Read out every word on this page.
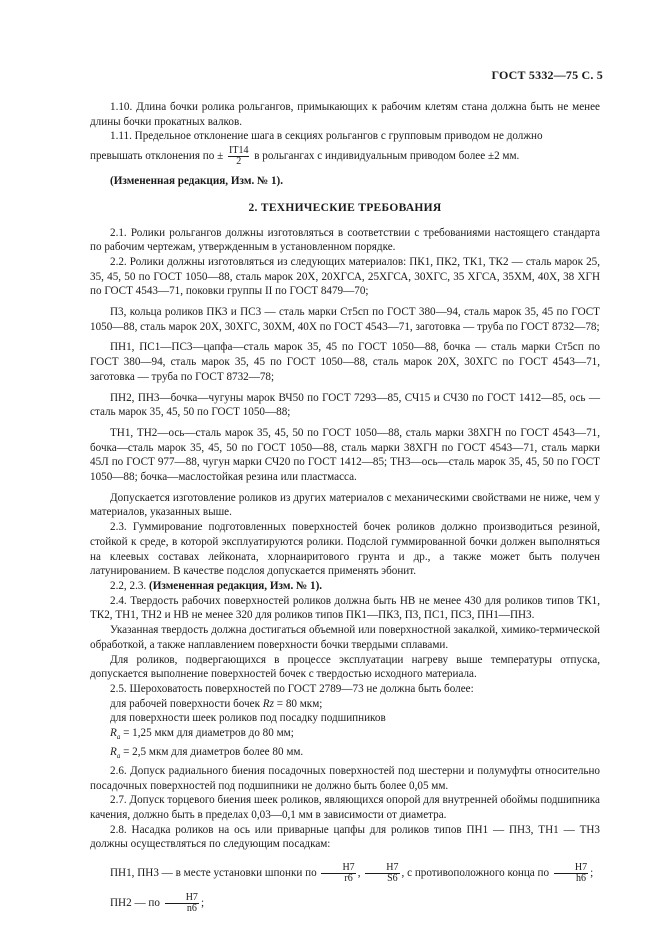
ГОСТ 5332—75 С. 5

1.10. Длина бочки ролика рольгангов, примыкающих к рабочим клетям стана должна быть не менее длины бочки прокатных валков.

1.11. Предельное отклонение шага в секциях рольгангов с групповым приводом не должно

превышать отклонения по ± $\frac{IT14}{2}$ в рольгангах с индивидуальным приводом более ±2 мм.

(Измененная редакция, Изм. № 1).

2. ТЕХНИЧЕСКИЕ ТРЕБОВАНИЯ

2.1. Ролики рольгангов должны изготовляться в соответствии с требованиями настоящего стандарта по рабочим чертежам, утвержденным в установленном порядке.

2.2. Ролики должны изготовляться из следующих материалов: ПК1, ПК2, ТК1, ТК2 — сталь марок 25, 35, 45, 50 по ГОСТ 1050—88, сталь марок 20Х, 20ХГСА, 25ХГСА, 30ХГС, 35 ХГСА, 35ХМ, 40Х, 38 ХГН по ГОСТ 4543—71, поковки группы II по ГОСТ 8479—70;

П3, кольца роликов ПК3 и ПС3 — сталь марки Ст5сп по ГОСТ 380—94, сталь марок 35, 45 по ГОСТ 1050—88, сталь марок 20Х, 30ХГС, 30ХМ, 40Х по ГОСТ 4543—71, заготовка — труба по ГОСТ 8732—78;

ПН1, ПС1—ПС3—цапфа—сталь марок 35, 45 по ГОСТ 1050—88, бочка — сталь марки Ст5сп по ГОСТ 380—94, сталь марок 35, 45 по ГОСТ 1050—88, сталь марок 20Х, 30ХГС по ГОСТ 4543—71, заготовка — труба по ГОСТ 8732—78;

ПН2, ПН3—бочка—чугуны марок ВЧ50 по ГОСТ 7293—85, СЧ15 и СЧ30 по ГОСТ 1412—85, ось — сталь марок 35, 45, 50 по ГОСТ 1050—88;

ТН1, ТН2—ось—сталь марок 35, 45, 50 по ГОСТ 1050—88, сталь марки 38ХГН по ГОСТ 4543—71, бочка—сталь марок 35, 45, 50 по ГОСТ 1050—88, сталь марки 38ХГН по ГОСТ 4543—71, сталь марки 45Л по ГОСТ 977—88, чугун марки СЧ20 по ГОСТ 1412—85; ТН3—ось—сталь марок 35, 45, 50 по ГОСТ 1050—88; бочка—маслостойкая резина или пластмасса.

Допускается изготовление роликов из других материалов с механическими свойствами не ниже, чем у материалов, указанных выше.

2.3. Гуммирование подготовленных поверхностей бочек роликов должно производиться резиной, стойкой к среде, в которой эксплуатируются ролики. Подслой гуммированной бочки должен выполняться на клеевых составах лейконата, хлорнаиритового грунта и др., а также может быть получен латунированием. В качестве подслоя допускается применять эбонит.

2.2, 2.3. (Измененная редакция, Изм. № 1).

2.4. Твердость рабочих поверхностей роликов должна быть НВ не менее 430 для роликов типов ТК1, ТК2, ТН1, ТН2 и НВ не менее 320 для роликов типов ПК1—ПК3, П3, ПС1, ПС3, ПН1—ПН3.

Указанная твердость должна достигаться объемной или поверхностной закалкой, химико-термической обработкой, а также наплавлением поверхности бочки твердыми сплавами.

Для роликов, подвергающихся в процессе эксплуатации нагреву выше температуры отпуска, допускается выполнение поверхностей бочек с твердостью исходного материала.

2.5. Шероховатость поверхностей по ГОСТ 2789—73 не должна быть более:

для рабочей поверхности бочек Rz = 80 мкм;

для поверхности шеек роликов под посадку подшипников

$R_a = 1,25$ мкм для диаметров до 80 мм;

$R_a = 2,5$ мкм для диаметров более 80 мм.

2.6. Допуск радиального биения посадочных поверхностей под шестерни и полумуфты относительно посадочных поверхностей под подшипники не должно быть более 0,05 мм.

2.7. Допуск торцевого биения шеек роликов, являющихся опорой для внутренней обоймы подшипника качения, должно быть в пределах 0,03—0,1 мм в зависимости от диаметра.

2.8. Насадка роликов на ось или приварные цапфы для роликов типов ПН1 — ПН3, ТН1 — ТН3 должны осуществляться по следующим посадкам:

ПН1, ПН3 — в месте установки шпонки по $\frac{H7}{r6}$ , $\frac{H7}{S6}$ , с противоположного конца по $\frac{H7}{h6}$ ;

ПН2 — по $\frac{H7}{n6}$ ;
